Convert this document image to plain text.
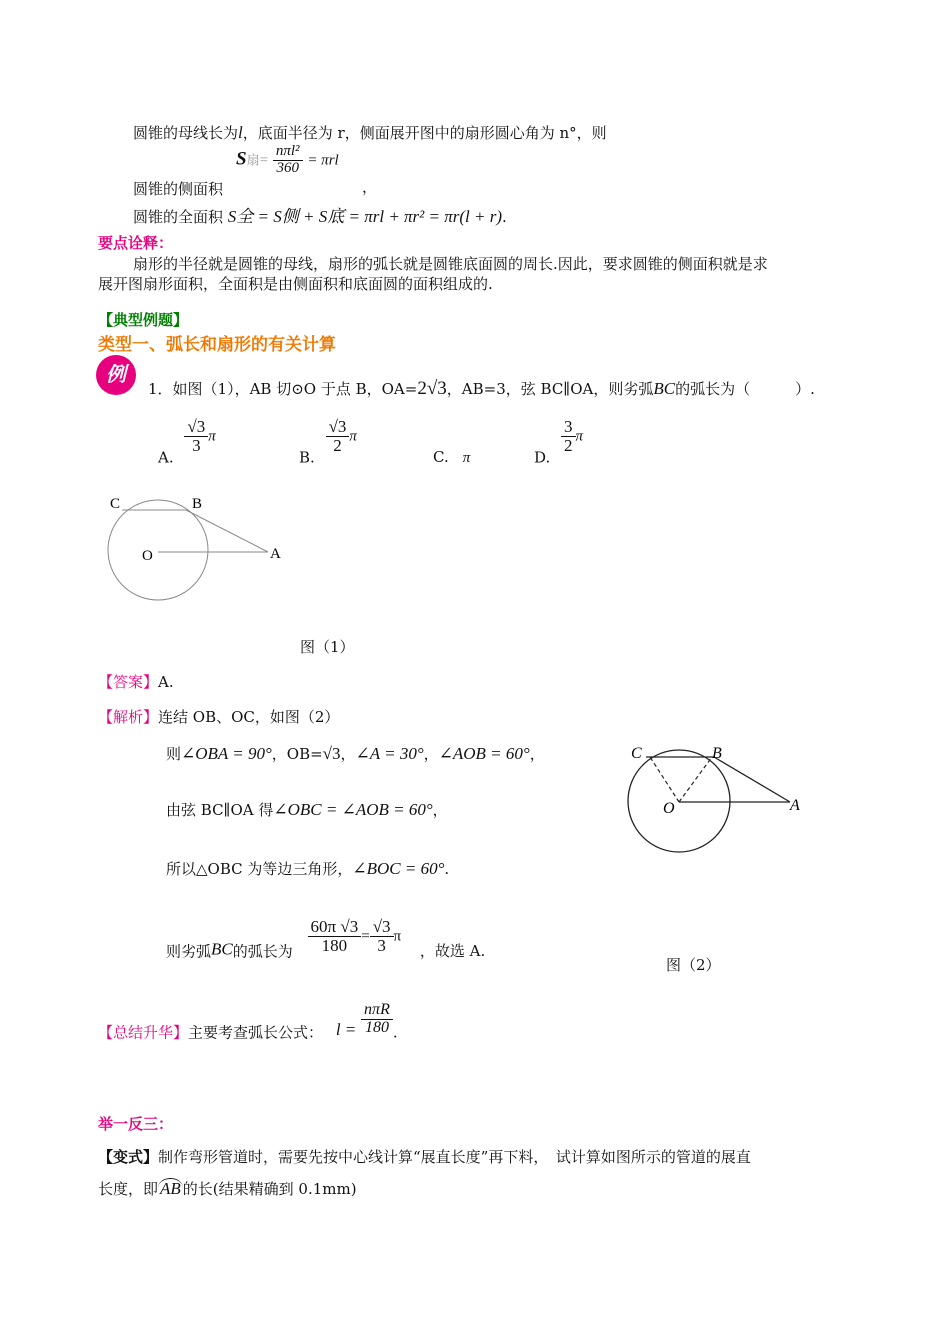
圆锥的母线长为l，底面半径为 r，侧面展开图中的扇形圆心角为 n°，则
S扇= $\frac{\text{nπl²}}{360} = \pi rl$
圆锥的侧面积	，
圆锥的全面积 S全 = S侧 + S底 = πrl + πr² = πr(l + r).
要点诠释：
扇形的半径就是圆锥的母线，扇形的弧长就是圆锥底面圆的周长.因此，要求圆锥的侧面积就是求
展开图扇形面积，全面积是由侧面积和底面圆的面积组成的.
【典型例题】
类型一、弧长和扇形的有关计算
例
1．如图（1），AB 切⊙O 于点 B，OA=2√3，AB=3，弦 BC∥OA，则劣弧BC的弧长为（　　　）.
A.
$\frac{√3}{3}$ π
B.
$\frac{√3}{2}$ π
C. π	D.
$\frac{3}{2}$ π
C	B
O	A
图（1）
【答案】A.
【解析】连结 OB、OC，如图（2）
则∠OBA = 90°，OB=√3，∠A = 30°，∠AOB = 60°，
由弦 BC∥OA 得∠OBC = ∠AOB = 60°，
所以△OBC 为等边三角形，∠BOC = 60°.
则劣弧BC的弧长为 $\frac{60\pi √3}{180} = \frac{√3}{3}$ π ，故选 A.
C	B
O	A
图（2）
【总结升华】主要考查弧长公式： $l = \frac{\text{nπR}}{180}$ .
举一反三：
【变式】制作弯形管道时，需要先按中心线计算“展直长度”再下料，　试计算如图所示的管道的展直
长度，即 AB 的长(结果精确到 0.1mm)
